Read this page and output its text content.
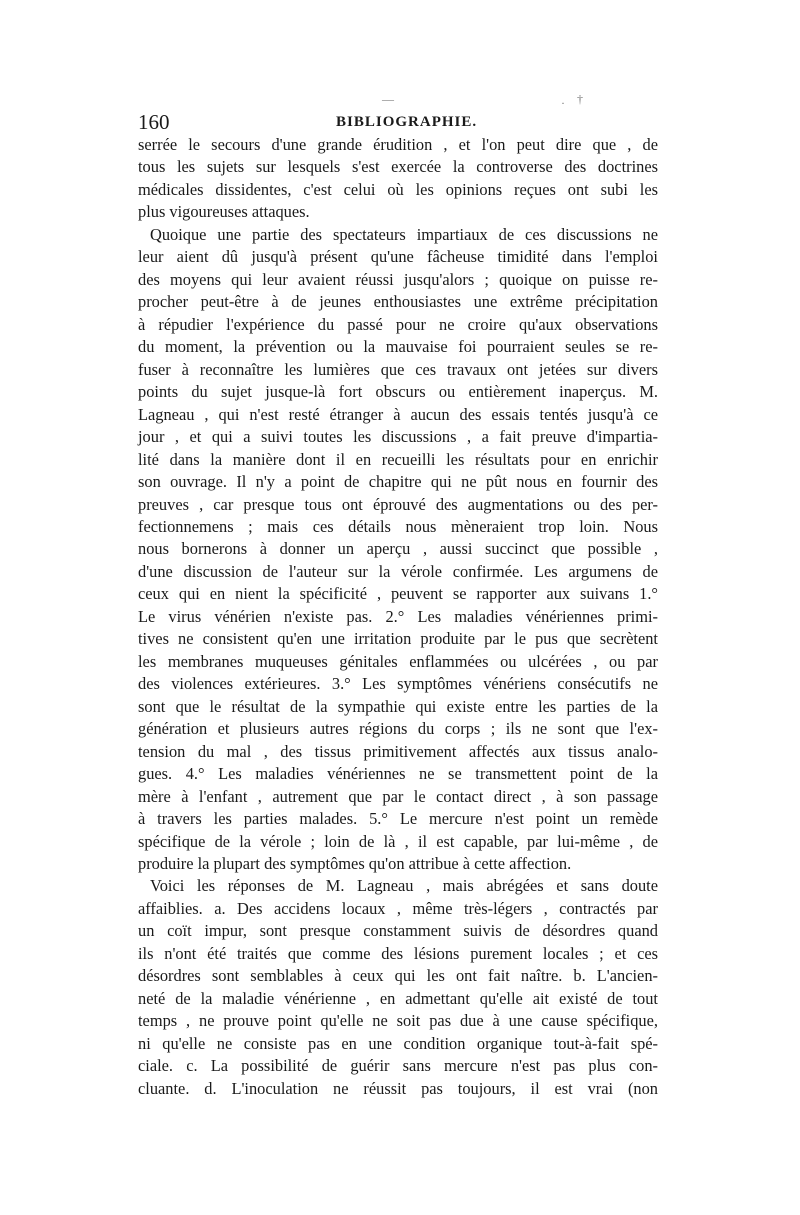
160	BIBLIOGRAPHIE.
—	· †
serrée le secours d'une grande érudition , et l'on peut dire que , de
tous les sujets sur lesquels s'est exercée la controverse des doctrines
médicales dissidentes, c'est celui où les opinions reçues ont subi les
plus vigoureuses attaques.
Quoique une partie des spectateurs impartiaux de ces discussions ne
leur aient dû jusqu'à présent qu'une fâcheuse timidité dans l'emploi
des moyens qui leur avaient réussi jusqu'alors ; quoique on puisse re-
procher peut-être à de jeunes enthousiastes une extrême précipitation
à répudier l'expérience du passé pour ne croire qu'aux observations
du moment, la prévention ou la mauvaise foi pourraient seules se re-
fuser à reconnaître les lumières que ces travaux ont jetées sur divers
points du sujet jusque-là fort obscurs ou entièrement inaperçus. M.
Lagneau , qui n'est resté étranger à aucun des essais tentés jusqu'à ce
jour , et qui a suivi toutes les discussions , a fait preuve d'impartia-
lité dans la manière dont il en recueilli les résultats pour en enrichir
son ouvrage. Il n'y a point de chapitre qui ne pût nous en fournir des
preuves , car presque tous ont éprouvé des augmentations ou des per-
fectionnemens ; mais ces détails nous mèneraient trop loin. Nous
nous bornerons à donner un aperçu , aussi succinct que possible ,
d'une discussion de l'auteur sur la vérole confirmée. Les argumens de
ceux qui en nient la spécificité , peuvent se rapporter aux suivans 1.°
Le virus vénérien n'existe pas. 2.° Les maladies vénériennes primi-
tives ne consistent qu'en une irritation produite par le pus que secrètent
les membranes muqueuses génitales enflammées ou ulcérées , ou par
des violences extérieures. 3.° Les symptômes vénériens consécutifs ne
sont que le résultat de la sympathie qui existe entre les parties de la
génération et plusieurs autres régions du corps ; ils ne sont que l'ex-
tension du mal , des tissus primitivement affectés aux tissus analo-
gues. 4.° Les maladies vénériennes ne se transmettent point de la
mère à l'enfant , autrement que par le contact direct , à son passage
à travers les parties malades. 5.° Le mercure n'est point un remède
spécifique de la vérole ; loin de là , il est capable, par lui-même , de
produire la plupart des symptômes qu'on attribue à cette affection.
Voici les réponses de M. Lagneau , mais abrégées et sans doute
affaiblies. a. Des accidens locaux , même très-légers , contractés par
un coït impur, sont presque constamment suivis de désordres quand
ils n'ont été traités que comme des lésions purement locales ; et ces
désordres sont semblables à ceux qui les ont fait naître. b. L'ancien-
neté de la maladie vénérienne , en admettant qu'elle ait existé de tout
temps , ne prouve point qu'elle ne soit pas due à une cause spécifique,
ni qu'elle ne consiste pas en une condition organique tout-à-fait spé-
ciale. c. La possibilité de guérir sans mercure n'est pas plus con-
cluante. d. L'inoculation ne réussit pas toujours, il est vrai (non
